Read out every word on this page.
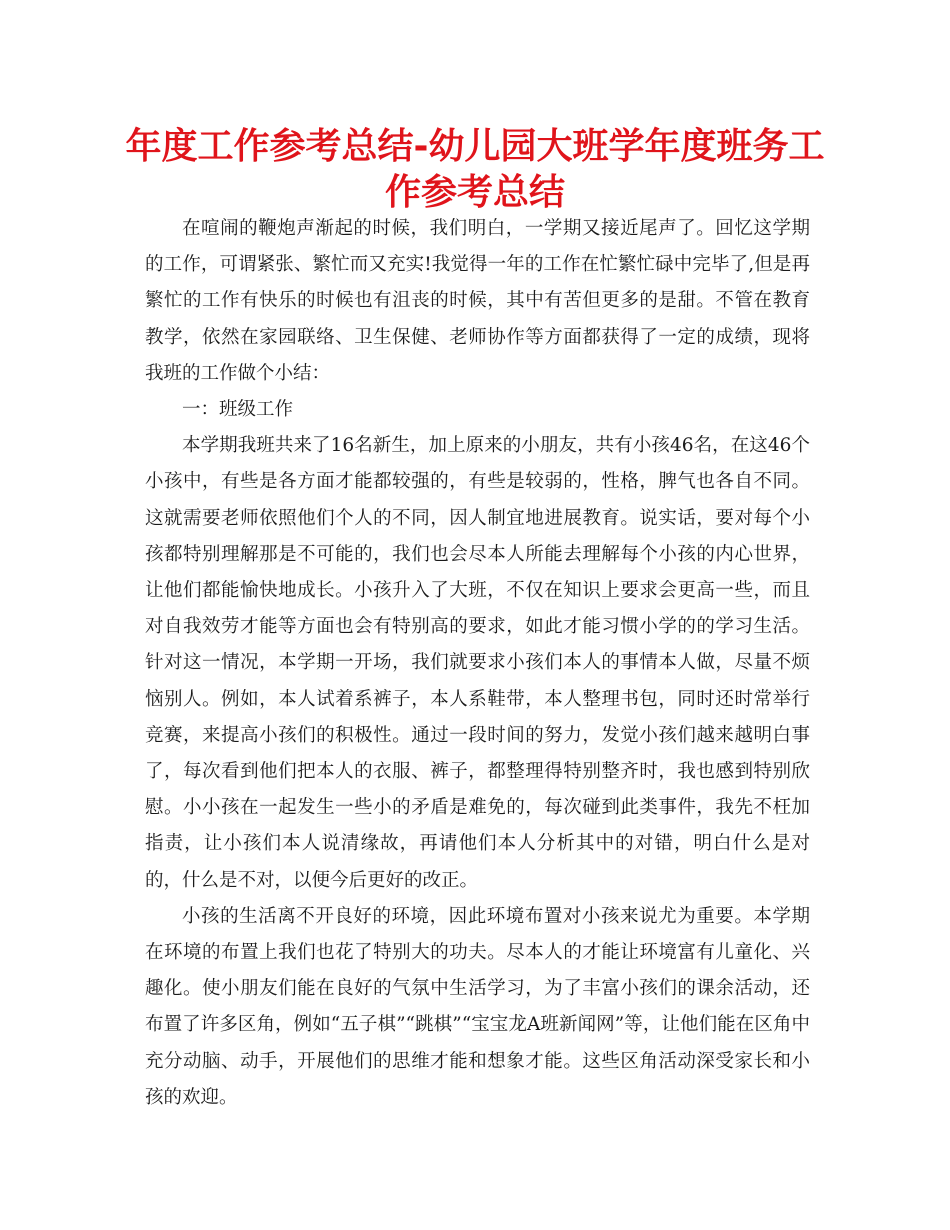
年度工作参考总结-幼儿园大班学年度班务工作参考总结

在喧闹的鞭炮声渐起的时候，我们明白，一学期又接近尾声了。回忆这学期的工作，可谓紧张、繁忙而又充实!我觉得一年的工作在忙繁忙碌中完毕了,但是再繁忙的工作有快乐的时候也有沮丧的时候，其中有苦但更多的是甜。不管在教育教学，依然在家园联络、卫生保健、老师协作等方面都获得了一定的成绩，现将我班的工作做个小结：

一：班级工作

本学期我班共来了16名新生，加上原来的小朋友，共有小孩46名，在这46个小孩中，有些是各方面才能都较强的，有些是较弱的，性格，脾气也各自不同。这就需要老师依照他们个人的不同，因人制宜地进展教育。说实话，要对每个小孩都特别理解那是不可能的，我们也会尽本人所能去理解每个小孩的内心世界，让他们都能愉快地成长。小孩升入了大班，不仅在知识上要求会更高一些，而且对自我效劳才能等方面也会有特别高的要求，如此才能习惯小学的的学习生活。针对这一情况，本学期一开场，我们就要求小孩们本人的事情本人做，尽量不烦恼别人。例如，本人试着系裤子，本人系鞋带，本人整理书包，同时还时常举行竞赛，来提高小孩们的积极性。通过一段时间的努力，发觉小孩们越来越明白事了，每次看到他们把本人的衣服、裤子，都整理得特别整齐时，我也感到特别欣慰。小小孩在一起发生一些小的矛盾是难免的，每次碰到此类事件，我先不枉加指责，让小孩们本人说清缘故，再请他们本人分析其中的对错，明白什么是对的，什么是不对，以便今后更好的改正。

小孩的生活离不开良好的环境，因此环境布置对小孩来说尤为重要。本学期在环境的布置上我们也花了特别大的功夫。尽本人的才能让环境富有儿童化、兴趣化。使小朋友们能在良好的气氛中生活学习，为了丰富小孩们的课余活动，还布置了许多区角，例如“五子棋”“跳棋”“宝宝龙A班新闻网”等，让他们能在区角中充分动脑、动手，开展他们的思维才能和想象才能。这些区角活动深受家长和小孩的欢迎。
